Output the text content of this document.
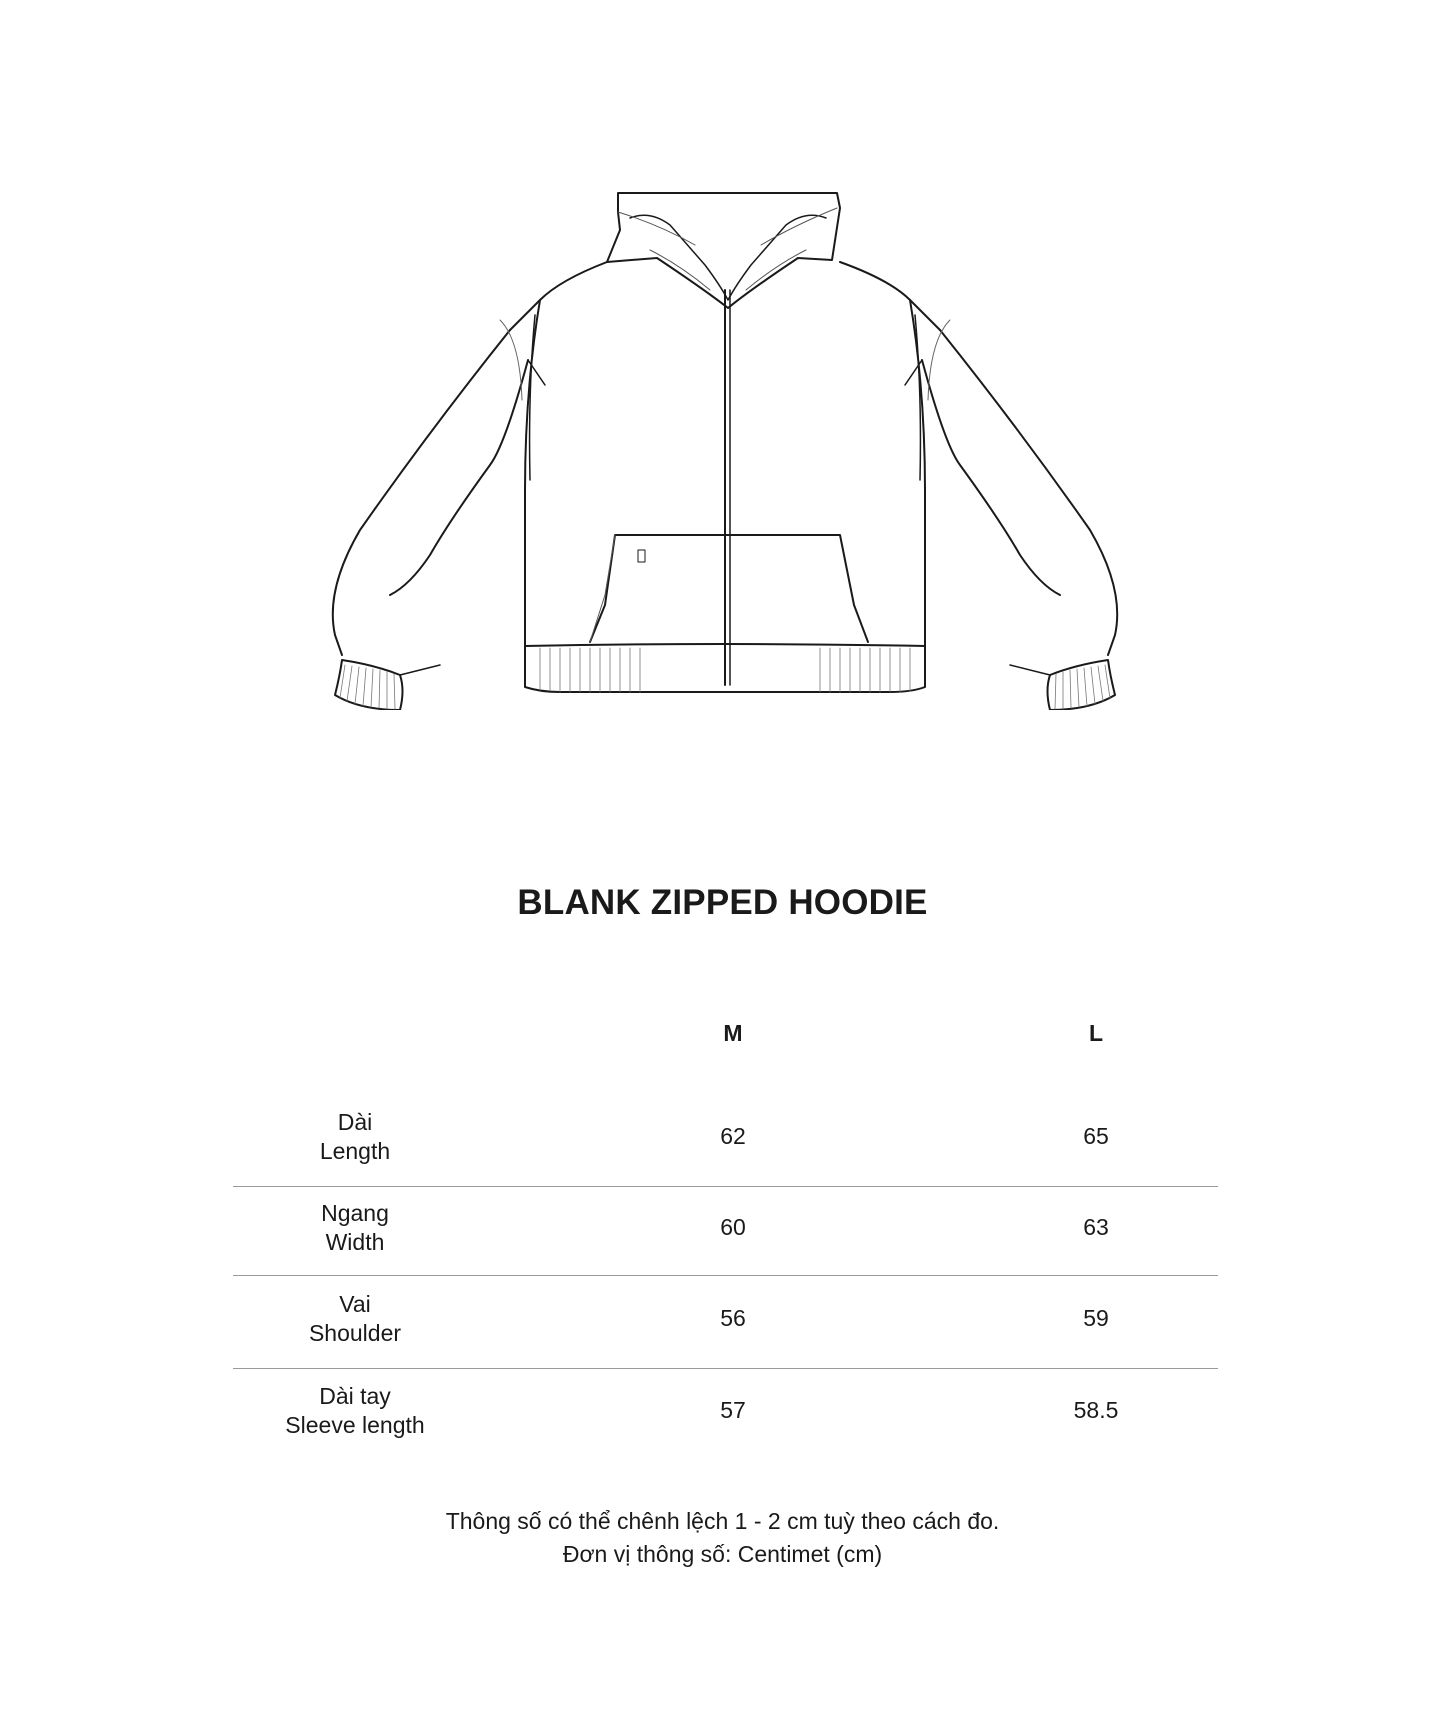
BLANK ZIPPED HOODIE
M	L
Dài
Length
62	65
Ngang
Width
60	63
Vai
Shoulder
56	59
Dài tay
Sleeve length
57	58.5
Thông số có thể chênh lệch 1 - 2 cm tuỳ theo cách đo.
Đơn vị thông số: Centimet (cm)
